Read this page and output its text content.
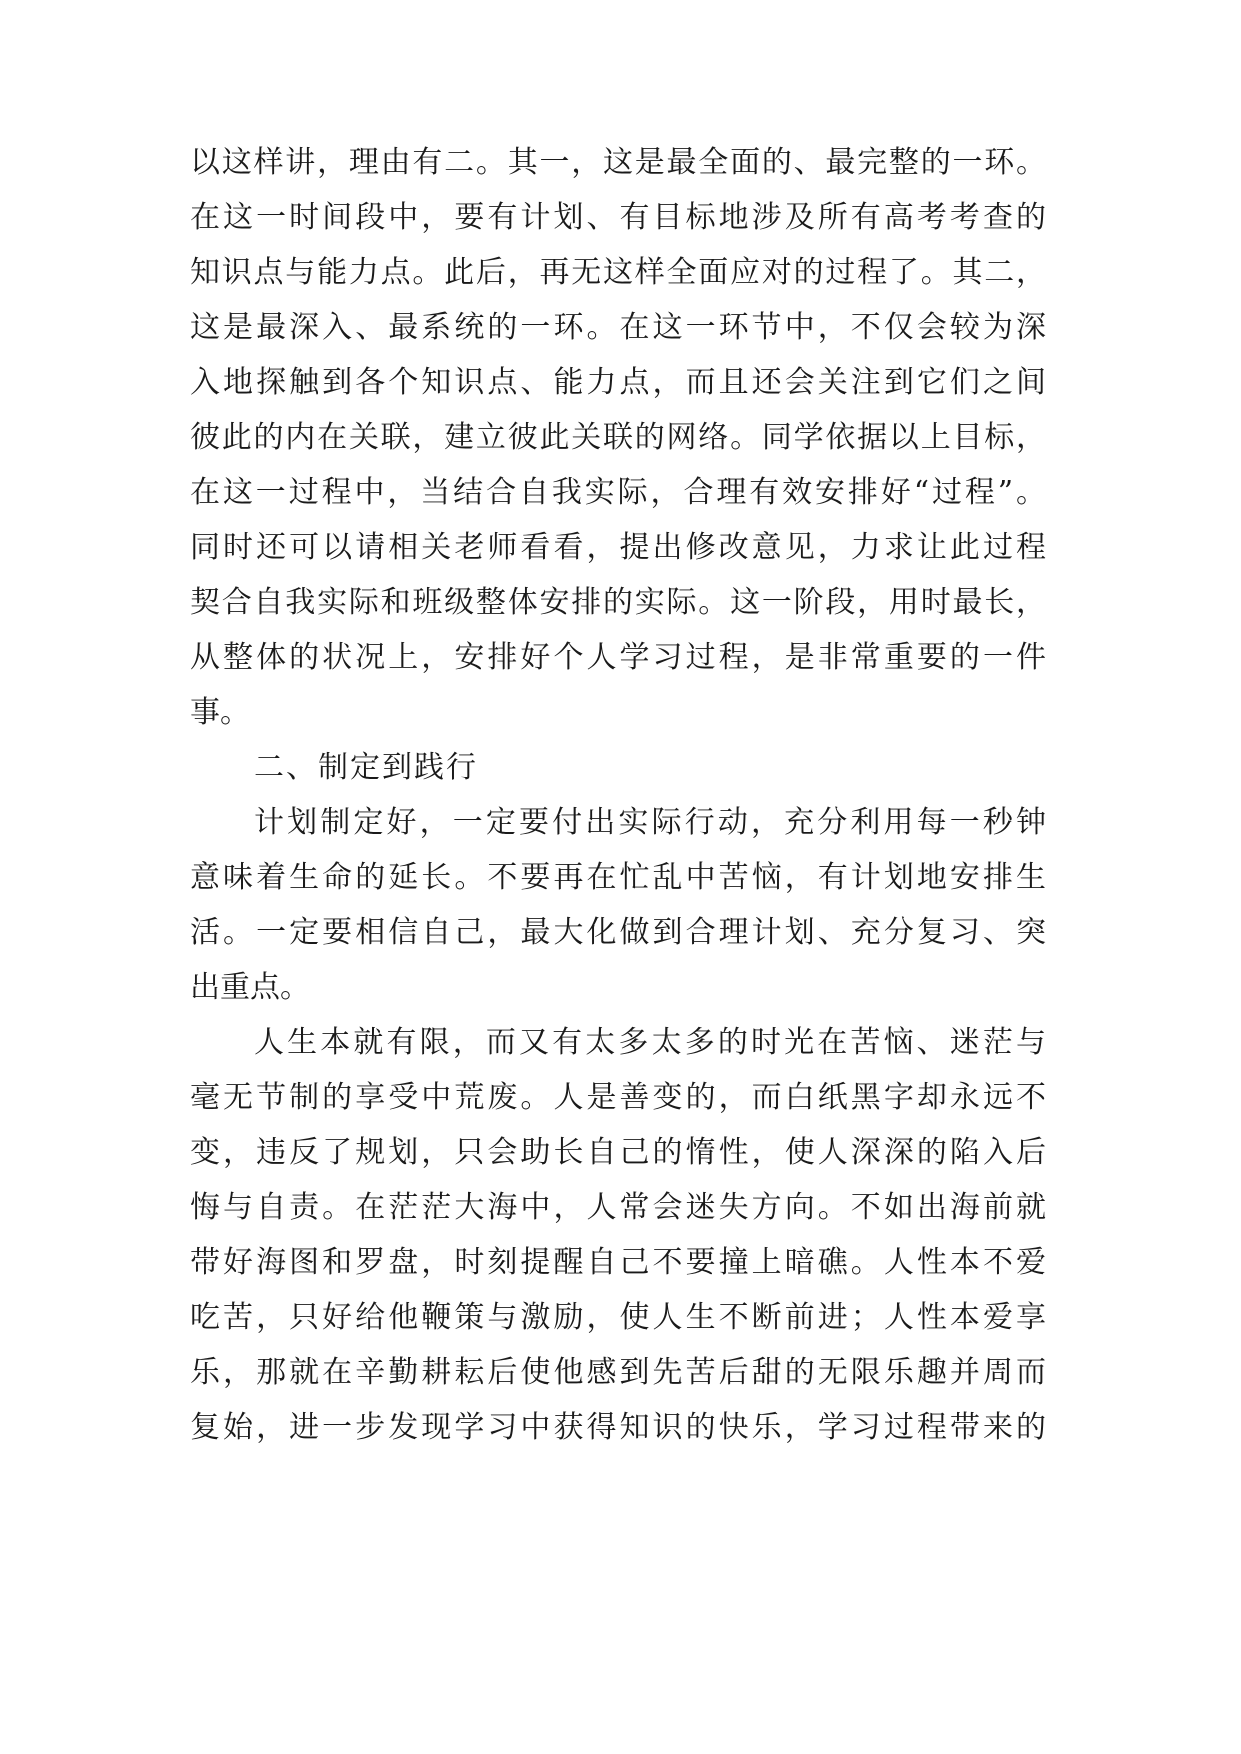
以这样讲，理由有二。其一，这是最全面的、最完整的一环。
在这一时间段中，要有计划、有目标地涉及所有高考考查的
知识点与能力点。此后，再无这样全面应对的过程了。其二，
这是最深入、最系统的一环。在这一环节中，不仅会较为深
入地探触到各个知识点、能力点，而且还会关注到它们之间
彼此的内在关联，建立彼此关联的网络。同学依据以上目标，
在这一过程中，当结合自我实际，合理有效安排好“过程”。
同时还可以请相关老师看看，提出修改意见，力求让此过程
契合自我实际和班级整体安排的实际。这一阶段，用时最长，
从整体的状况上，安排好个人学习过程，是非常重要的一件
事。
二、制定到践行
计划制定好，一定要付出实际行动，充分利用每一秒钟
意味着生命的延长。不要再在忙乱中苦恼，有计划地安排生
活。一定要相信自己，最大化做到合理计划、充分复习、突
出重点。
人生本就有限，而又有太多太多的时光在苦恼、迷茫与
毫无节制的享受中荒废。人是善变的，而白纸黑字却永远不
变，违反了规划，只会助长自己的惰性，使人深深的陷入后
悔与自责。在茫茫大海中，人常会迷失方向。不如出海前就
带好海图和罗盘，时刻提醒自己不要撞上暗礁。人性本不爱
吃苦，只好给他鞭策与激励，使人生不断前进；人性本爱享
乐，那就在辛勤耕耘后使他感到先苦后甜的无限乐趣并周而
复始，进一步发现学习中获得知识的快乐，学习过程带来的
